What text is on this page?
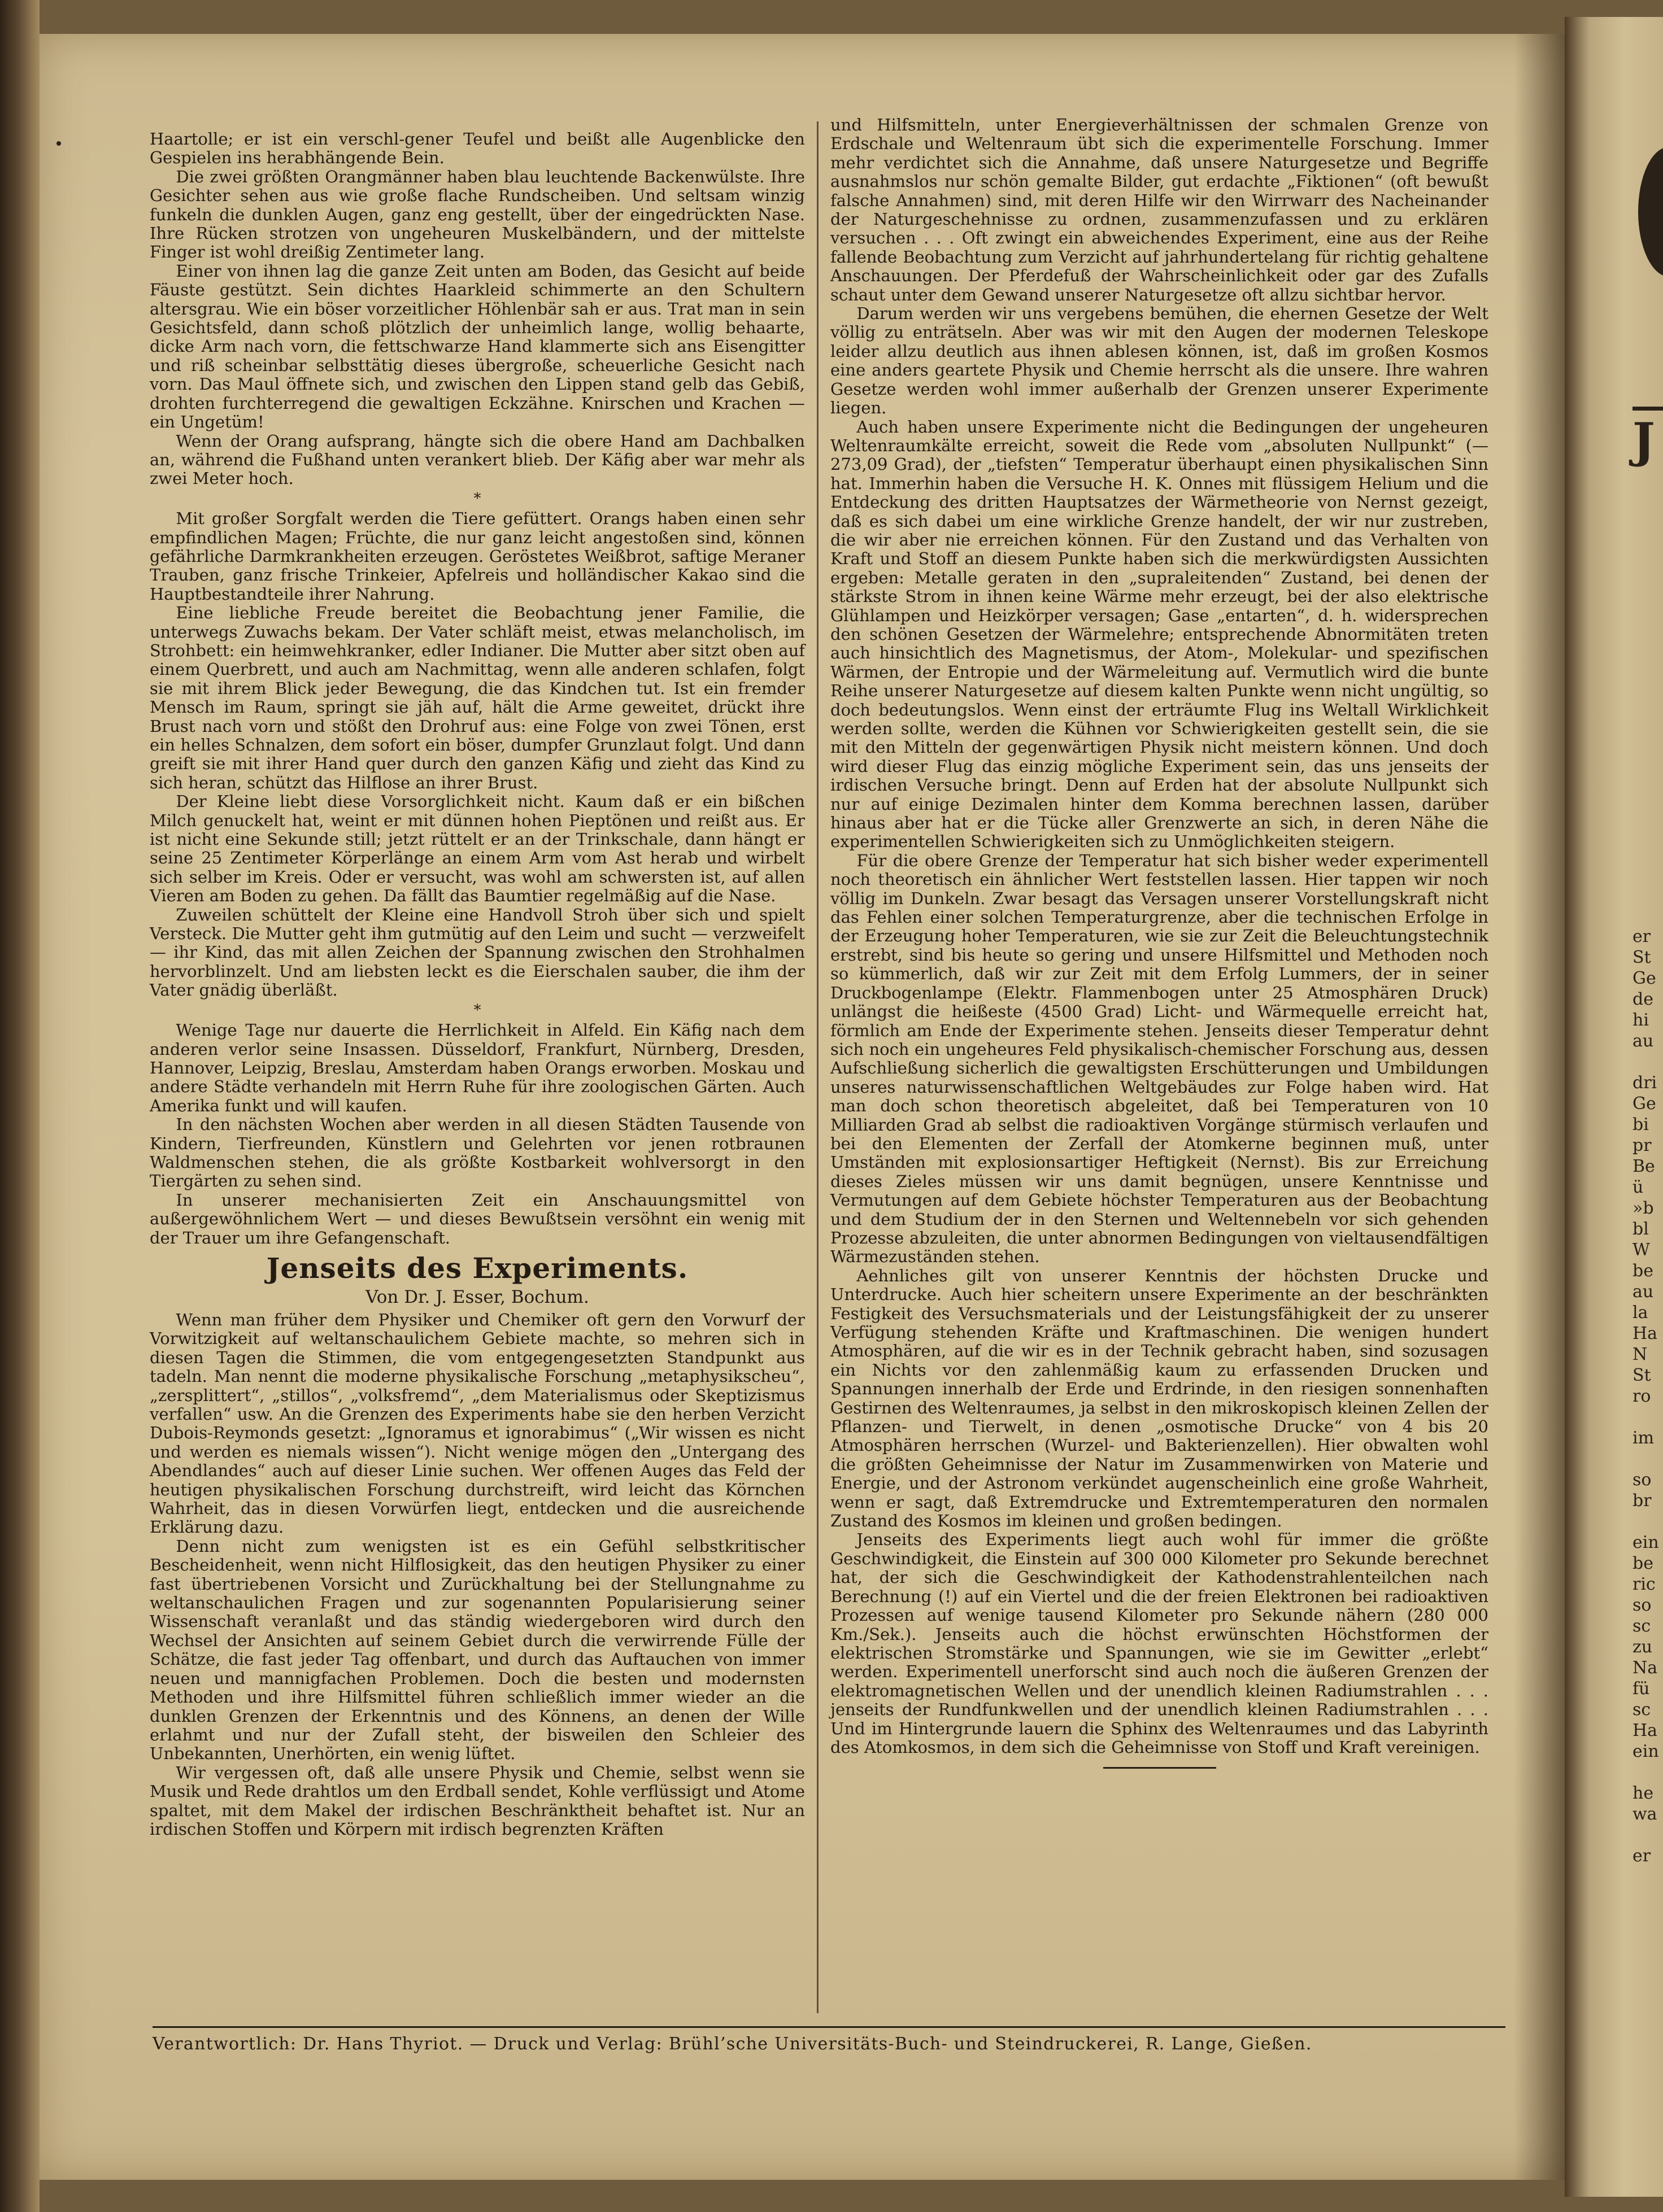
Haartolle; er ist ein verschl-gener Teufel und beißt alle Augenblicke den Gespielen ins herabhängende Bein.

Die zwei größten Orangmänner haben blau leuchtende Backenwülste. Ihre Gesichter sehen aus wie große flache Rundscheiben. Und seltsam winzig funkeln die dunklen Augen, ganz eng gestellt, über der eingedrückten Nase. Ihre Rücken strotzen von ungeheuren Muskelbändern, und der mittelste Finger ist wohl dreißig Zentimeter lang.

Einer von ihnen lag die ganze Zeit unten am Boden, das Gesicht auf beide Fäuste gestützt. Sein dichtes Haarkleid schimmerte an den Schultern altersgrau. Wie ein böser vorzeitlicher Höhlenbär sah er aus. Trat man in sein Gesichtsfeld, dann schoß plötzlich der unheimlich lange, wollig behaarte, dicke Arm nach vorn, die fettschwarze Hand klammerte sich ans Eisengitter und riß scheinbar selbsttätig dieses übergroße, scheuerliche Gesicht nach vorn. Das Maul öffnete sich, und zwischen den Lippen stand gelb das Gebiß, drohten furchterregend die gewaltigen Eckzähne. Knirschen und Krachen — ein Ungetüm!

Wenn der Orang aufsprang, hängte sich die obere Hand am Dachbalken an, während die Fußhand unten verankert blieb. Der Käfig aber war mehr als zwei Meter hoch.

*

Mit großer Sorgfalt werden die Tiere gefüttert. Orangs haben einen sehr empfindlichen Magen; Früchte, die nur ganz leicht angestoßen sind, können gefährliche Darmkrankheiten erzeugen. Geröstetes Weißbrot, saftige Meraner Trauben, ganz frische Trinkeier, Apfelreis und holländischer Kakao sind die Hauptbestandteile ihrer Nahrung.

Eine liebliche Freude bereitet die Beobachtung jener Familie, die unterwegs Zuwachs bekam. Der Vater schläft meist, etwas melancholisch, im Strohbett: ein heimwehkranker, edler Indianer. Die Mutter aber sitzt oben auf einem Querbrett, und auch am Nachmittag, wenn alle anderen schlafen, folgt sie mit ihrem Blick jeder Bewegung, die das Kindchen tut. Ist ein fremder Mensch im Raum, springt sie jäh auf, hält die Arme geweitet, drückt ihre Brust nach vorn und stößt den Drohruf aus: eine Folge von zwei Tönen, erst ein helles Schnalzen, dem sofort ein böser, dumpfer Grunzlaut folgt. Und dann greift sie mit ihrer Hand quer durch den ganzen Käfig und zieht das Kind zu sich heran, schützt das Hilflose an ihrer Brust.

Der Kleine liebt diese Vorsorglichkeit nicht. Kaum daß er ein bißchen Milch genuckelt hat, weint er mit dünnen hohen Pieptönen und reißt aus. Er ist nicht eine Sekunde still; jetzt rüttelt er an der Trinkschale, dann hängt er seine 25 Zentimeter Körperlänge an einem Arm vom Ast herab und wirbelt sich selber im Kreis. Oder er versucht, was wohl am schwersten ist, auf allen Vieren am Boden zu gehen. Da fällt das Baumtier regelmäßig auf die Nase.

Zuweilen schüttelt der Kleine eine Handvoll Stroh über sich und spielt Versteck. Die Mutter geht ihm gutmütig auf den Leim und sucht — verzweifelt — ihr Kind, das mit allen Zeichen der Spannung zwischen den Strohhalmen hervorblinzelt. Und am liebsten leckt es die Eierschalen sauber, die ihm der Vater gnädig überläßt.

*

Wenige Tage nur dauerte die Herrlichkeit in Alfeld. Ein Käfig nach dem anderen verlor seine Insassen. Düsseldorf, Frankfurt, Nürnberg, Dresden, Hannover, Leipzig, Breslau, Amsterdam haben Orangs erworben. Moskau und andere Städte verhandeln mit Herrn Ruhe für ihre zoologischen Gärten. Auch Amerika funkt und will kaufen.

In den nächsten Wochen aber werden in all diesen Städten Tausende von Kindern, Tierfreunden, Künstlern und Gelehrten vor jenen rotbraunen Waldmenschen stehen, die als größte Kostbarkeit wohlversorgt in den Tiergärten zu sehen sind.

In unserer mechanisierten Zeit ein Anschauungsmittel von außergewöhnlichem Wert — und dieses Bewußtsein versöhnt ein wenig mit der Trauer um ihre Gefangenschaft.

Jenseits des Experiments.
Von Dr. J. Esser, Bochum.

Wenn man früher dem Physiker und Chemiker oft gern den Vorwurf der Vorwitzigkeit auf weltanschaulichem Gebiete machte, so mehren sich in diesen Tagen die Stimmen, die vom entgegengesetzten Standpunkt aus tadeln. Man nennt die moderne physikalische Forschung „metaphysikscheu“, „zersplittert“, „stillos“, „volksfremd“, „dem Materialismus oder Skeptizismus verfallen“ usw. An die Grenzen des Experiments habe sie den herben Verzicht Dubois-Reymonds gesetzt: „Ignoramus et ignorabimus“ („Wir wissen es nicht und werden es niemals wissen“). Nicht wenige mögen den „Untergang des Abendlandes“ auch auf dieser Linie suchen. Wer offenen Auges das Feld der heutigen physikalischen Forschung durchstreift, wird leicht das Körnchen Wahrheit, das in diesen Vorwürfen liegt, entdecken und die ausreichende Erklärung dazu.

Denn nicht zum wenigsten ist es ein Gefühl selbstkritischer Bescheidenheit, wenn nicht Hilflosigkeit, das den heutigen Physiker zu einer fast übertriebenen Vorsicht und Zurückhaltung bei der Stellungnahme zu weltanschaulichen Fragen und zur sogenannten Popularisierung seiner Wissenschaft veranlaßt und das ständig wiedergeboren wird durch den Wechsel der Ansichten auf seinem Gebiet durch die verwirrende Fülle der Schätze, die fast jeder Tag offenbart, und durch das Auftauchen von immer neuen und mannigfachen Problemen. Doch die besten und modernsten Methoden und ihre Hilfsmittel führen schließlich immer wieder an die dunklen Grenzen der Erkenntnis und des Könnens, an denen der Wille erlahmt und nur der Zufall steht, der bisweilen den Schleier des Unbekannten, Unerhörten, ein wenig lüftet.

Wir vergessen oft, daß alle unsere Physik und Chemie, selbst wenn sie Musik und Rede drahtlos um den Erdball sendet, Kohle verflüssigt und Atome spaltet, mit dem Makel der irdischen Beschränktheit behaftet ist. Nur an irdischen Stoffen und Körpern mit irdisch begrenzten Kräften

und Hilfsmitteln, unter Energieverhältnissen der schmalen Grenze von Erdschale und Weltenraum übt sich die experimentelle Forschung. Immer mehr verdichtet sich die Annahme, daß unsere Naturgesetze und Begriffe ausnahmslos nur schön gemalte Bilder, gut erdachte „Fiktionen“ (oft bewußt falsche Annahmen) sind, mit deren Hilfe wir den Wirrwarr des Nacheinander der Naturgeschehnisse zu ordnen, zusammenzufassen und zu erklären versuchen . . . Oft zwingt ein abweichendes Experiment, eine aus der Reihe fallende Beobachtung zum Verzicht auf jahrhundertelang für richtig gehaltene Anschauungen. Der Pferdefuß der Wahrscheinlichkeit oder gar des Zufalls schaut unter dem Gewand unserer Naturgesetze oft allzu sichtbar hervor.

Darum werden wir uns vergebens bemühen, die ehernen Gesetze der Welt völlig zu enträtseln. Aber was wir mit den Augen der modernen Teleskope leider allzu deutlich aus ihnen ablesen können, ist, daß im großen Kosmos eine anders geartete Physik und Chemie herrscht als die unsere. Ihre wahren Gesetze werden wohl immer außerhalb der Grenzen unserer Experimente liegen.

Auch haben unsere Experimente nicht die Bedingungen der ungeheuren Weltenraumkälte erreicht, soweit die Rede vom „absoluten Nullpunkt“ (— 273,09 Grad), der „tiefsten“ Temperatur überhaupt einen physikalischen Sinn hat. Immerhin haben die Versuche H. K. Onnes mit flüssigem Helium und die Entdeckung des dritten Hauptsatzes der Wärmetheorie von Nernst gezeigt, daß es sich dabei um eine wirkliche Grenze handelt, der wir nur zustreben, die wir aber nie erreichen können. Für den Zustand und das Verhalten von Kraft und Stoff an diesem Punkte haben sich die merkwürdigsten Aussichten ergeben: Metalle geraten in den „supraleitenden“ Zustand, bei denen der stärkste Strom in ihnen keine Wärme mehr erzeugt, bei der also elektrische Glühlampen und Heizkörper versagen; Gase „entarten“, d. h. widersprechen den schönen Gesetzen der Wärmelehre; entsprechende Abnormitäten treten auch hinsichtlich des Magnetismus, der Atom-, Molekular- und spezifischen Wärmen, der Entropie und der Wärmeleitung auf. Vermutlich wird die bunte Reihe unserer Naturgesetze auf diesem kalten Punkte wenn nicht ungültig, so doch bedeutungslos. Wenn einst der erträumte Flug ins Weltall Wirklichkeit werden sollte, werden die Kühnen vor Schwierigkeiten gestellt sein, die sie mit den Mitteln der gegenwärtigen Physik nicht meistern können. Und doch wird dieser Flug das einzig mögliche Experiment sein, das uns jenseits der irdischen Versuche bringt. Denn auf Erden hat der absolute Nullpunkt sich nur auf einige Dezimalen hinter dem Komma berechnen lassen, darüber hinaus aber hat er die Tücke aller Grenzwerte an sich, in deren Nähe die experimentellen Schwierigkeiten sich zu Unmöglichkeiten steigern.

Für die obere Grenze der Temperatur hat sich bisher weder experimentell noch theoretisch ein ähnlicher Wert feststellen lassen. Hier tappen wir noch völlig im Dunkeln. Zwar besagt das Versagen unserer Vorstellungskraft nicht das Fehlen einer solchen Temperaturgrenze, aber die technischen Erfolge in der Erzeugung hoher Temperaturen, wie sie zur Zeit die Beleuchtungstechnik erstrebt, sind bis heute so gering und unsere Hilfsmittel und Methoden noch so kümmerlich, daß wir zur Zeit mit dem Erfolg Lummers, der in seiner Druckbogenlampe (Elektr. Flammenbogen unter 25 Atmosphären Druck) unlängst die heißeste (4500 Grad) Licht- und Wärmequelle erreicht hat, förmlich am Ende der Experimente stehen. Jenseits dieser Temperatur dehnt sich noch ein ungeheures Feld physikalisch-chemischer Forschung aus, dessen Aufschließung sicherlich die gewaltigsten Erschütterungen und Umbildungen unseres naturwissenschaftlichen Weltgebäudes zur Folge haben wird. Hat man doch schon theoretisch abgeleitet, daß bei Temperaturen von 10 Milliarden Grad ab selbst die radioaktiven Vorgänge stürmisch verlaufen und bei den Elementen der Zerfall der Atomkerne beginnen muß, unter Umständen mit explosionsartiger Heftigkeit (Nernst). Bis zur Erreichung dieses Zieles müssen wir uns damit begnügen, unsere Kenntnisse und Vermutungen auf dem Gebiete höchster Temperaturen aus der Beobachtung und dem Studium der in den Sternen und Weltennebeln vor sich gehenden Prozesse abzuleiten, die unter abnormen Bedingungen von vieltausendfältigen Wärmezuständen stehen.

Aehnliches gilt von unserer Kenntnis der höchsten Drucke und Unterdrucke. Auch hier scheitern unsere Experimente an der beschränkten Festigkeit des Versuchsmaterials und der Leistungsfähigkeit der zu unserer Verfügung stehenden Kräfte und Kraftmaschinen. Die wenigen hundert Atmosphären, auf die wir es in der Technik gebracht haben, sind sozusagen ein Nichts vor den zahlenmäßig kaum zu erfassenden Drucken und Spannungen innerhalb der Erde und Erdrinde, in den riesigen sonnenhaften Gestirnen des Weltenraumes, ja selbst in den mikroskopisch kleinen Zellen der Pflanzen- und Tierwelt, in denen „osmotische Drucke“ von 4 bis 20 Atmosphären herrschen (Wurzel- und Bakterienzellen). Hier obwalten wohl die größten Geheimnisse der Natur im Zusammenwirken von Materie und Energie, und der Astronom verkündet augenscheinlich eine große Wahrheit, wenn er sagt, daß Extremdrucke und Extremtemperaturen den normalen Zustand des Kosmos im kleinen und großen bedingen.

Jenseits des Experiments liegt auch wohl für immer die größte Geschwindigkeit, die Einstein auf 300 000 Kilometer pro Sekunde berechnet hat, der sich die Geschwindigkeit der Kathodenstrahlenteilchen nach Berechnung (!) auf ein Viertel und die der freien Elektronen bei radioaktiven Prozessen auf wenige tausend Kilometer pro Sekunde nähern (280 000 Km./Sek.). Jenseits auch die höchst erwünschten Höchstformen der elektrischen Stromstärke und Spannungen, wie sie im Gewitter „erlebt“ werden. Experimentell unerforscht sind auch noch die äußeren Grenzen der elektromagnetischen Wellen und der unendlich kleinen Radiumstrahlen . . . jenseits der Rundfunkwellen und der unendlich kleinen Radiumstrahlen . . . Und im Hintergrunde lauern die Sphinx des Weltenraumes und das Labyrinth des Atomkosmos, in dem sich die Geheimnisse von Stoff und Kraft vereinigen.

Verantwortlich: Dr. Hans Thyriot. — Druck und Verlag: Brühl’sche Universitäts-Buch- und Steindruckerei, R. Lange, Gießen.
J
er
St
Ge
de
hi
au

dri
Ge
bi
pr
Be
ü
»b
bl
W
be
au
la
Ha
N
St
ro

im

so
br

ein
be
ric
so
sc
zu
Na
fü
sc
Ha
ein

he
wa

er
